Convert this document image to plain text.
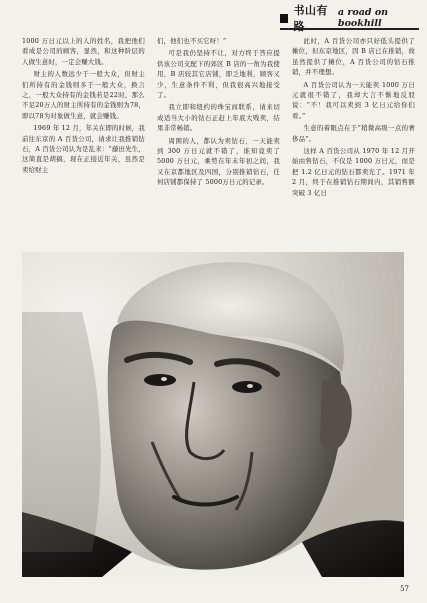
书山有路
a road on bookhill

1000 万日元以上的人的姓名，我把他们看成是公司的顾客，显然，和这种阶层的人做生意时，一定会赚大钱。

财主的人数远少于一般大众，但财主们所持有的金钱则多于一般大众，换言之，一般大众持有的金钱若是22时，那么不足20万人的财主所持有的金钱则为78，即以78为对象做生意，就会赚钱。

1969 年 12 月，年关在即的时候，我前往东京的 A 百货公司，请求让我推销钻石，A 百货公司认为是乱来：“藤田先生，这简直是胡搞，现在正接近年关，虽然是卖给财主

们，他们也不买它呀！”

可是我仍坚持不让，对方终于答应提供该公司支配下的郊区 B 店的一角为我使用，B 店较其它店铺，即乏地利，顾客又少，生意条件不利，但我很高兴地接受了。

我立即和纽约的珠宝商联系，请来切成适当大小的钻石正赶上年底大贱卖，结果非常畅销。

周围的人，都认为卖钻石，一天能卖到 300 万日元就不错了，谁知竟卖了 5000 万日元，乘势在年末年初之间，我又在京都地区及四国，分别推销钻石，任何店铺都保持了 5000万日元的记录。

此时，A 百货公司亦只好低头提供了摊位，但东京地区，因 B 店已在推销，故虽然提供了摊位，A 百货公司的钻石推销，并不理想。

A 百货公司认为一天能卖 1000 万日元就很不错了，我却大言不惭地反驳说：“不！我可以卖到 3 亿日元给你们看。”

生意的着眼点在于“稍微高级一点的奢侈品”。

这样 A 百货公司从 1970 年 12 月开始由售钻石，不仅是 1000 万日元，而是把 1.2 亿日元的钻石都卖光了。1971 年 2 月，终于在推销钻石期间内，其销售额突破 3 亿日

57
